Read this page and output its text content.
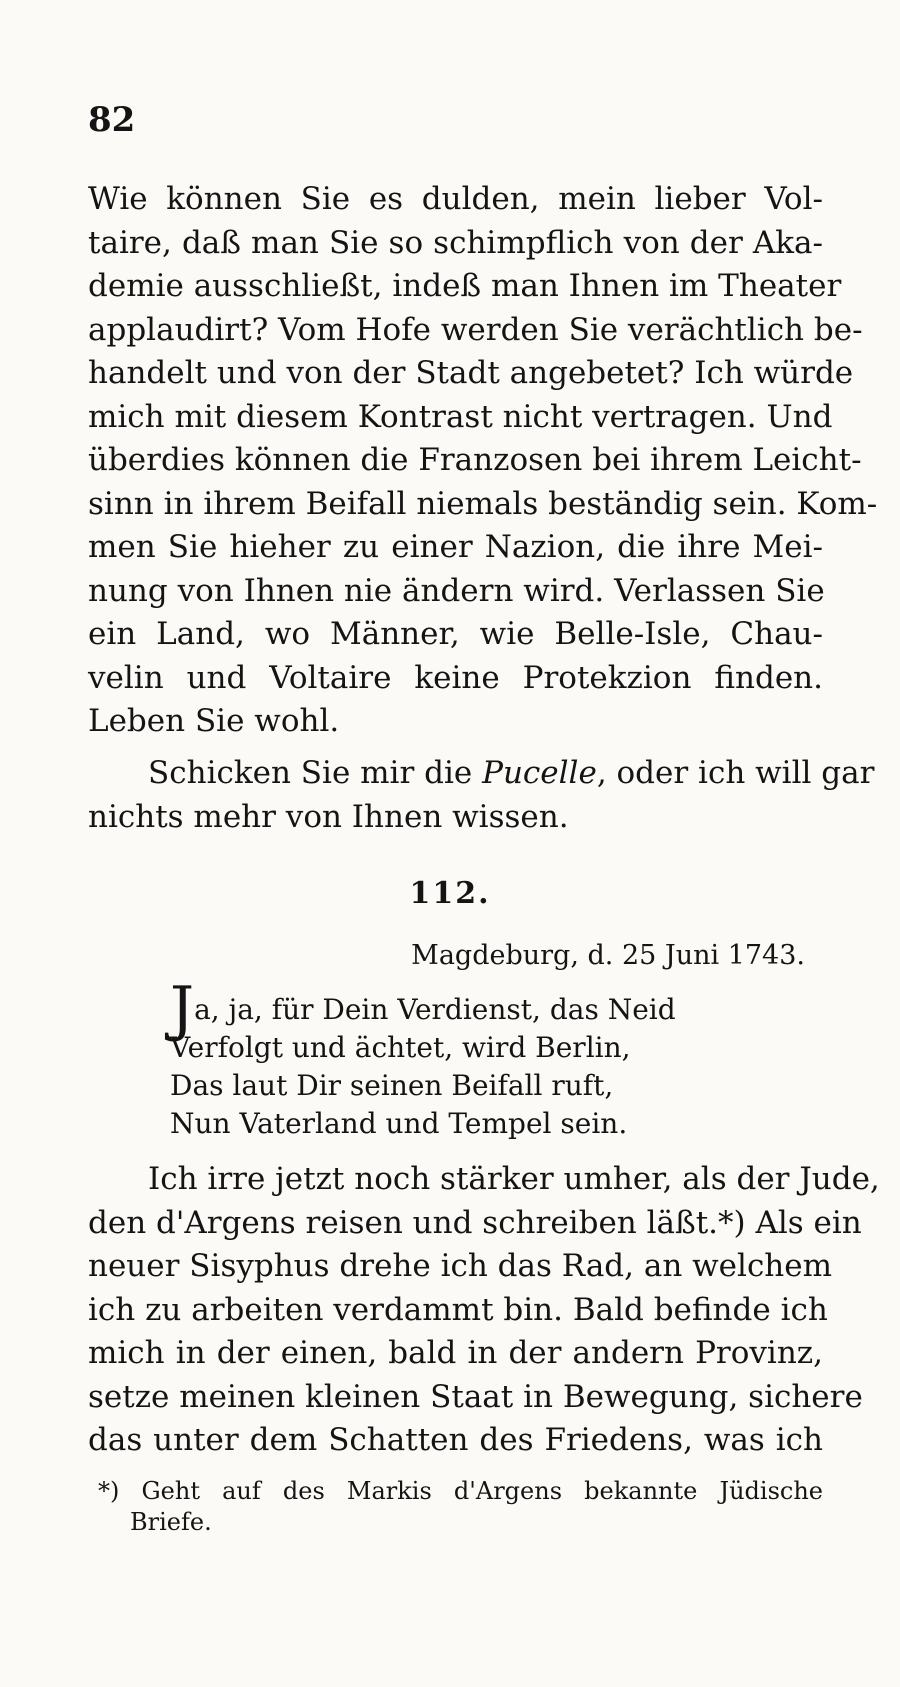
82
Wie können Sie es dulden, mein lieber Vol-
taire, daß man Sie so schimpflich von der Aka-
demie ausschließt, indeß man Ihnen im Theater
applaudirt? Vom Hofe werden Sie verächtlich be-
handelt und von der Stadt angebetet? Ich würde
mich mit diesem Kontrast nicht vertragen. Und
überdies können die Franzosen bei ihrem Leicht-
sinn in ihrem Beifall niemals beständig sein. Kom-
men Sie hieher zu einer Nazion, die ihre Mei-
nung von Ihnen nie ändern wird. Verlassen Sie
ein Land, wo Männer, wie Belle-Isle, Chau-
velin und Voltaire keine Protekzion finden.
Leben Sie wohl.
Schicken Sie mir die Pucelle, oder ich will gar
nichts mehr von Ihnen wissen.
112.
Magdeburg, d. 25 Juni 1743.
Ja, ja, für Dein Verdienst, das Neid
Verfolgt und ächtet, wird Berlin,
Das laut Dir seinen Beifall ruft,
Nun Vaterland und Tempel sein.
Ich irre jetzt noch stärker umher, als der Jude,
den d'Argens reisen und schreiben läßt.*) Als ein
neuer Sisyphus drehe ich das Rad, an welchem
ich zu arbeiten verdammt bin. Bald befinde ich
mich in der einen, bald in der andern Provinz,
setze meinen kleinen Staat in Bewegung, sichere
das unter dem Schatten des Friedens, was ich
*) Geht auf des Markis d'Argens bekannte Jüdische
Briefe.
